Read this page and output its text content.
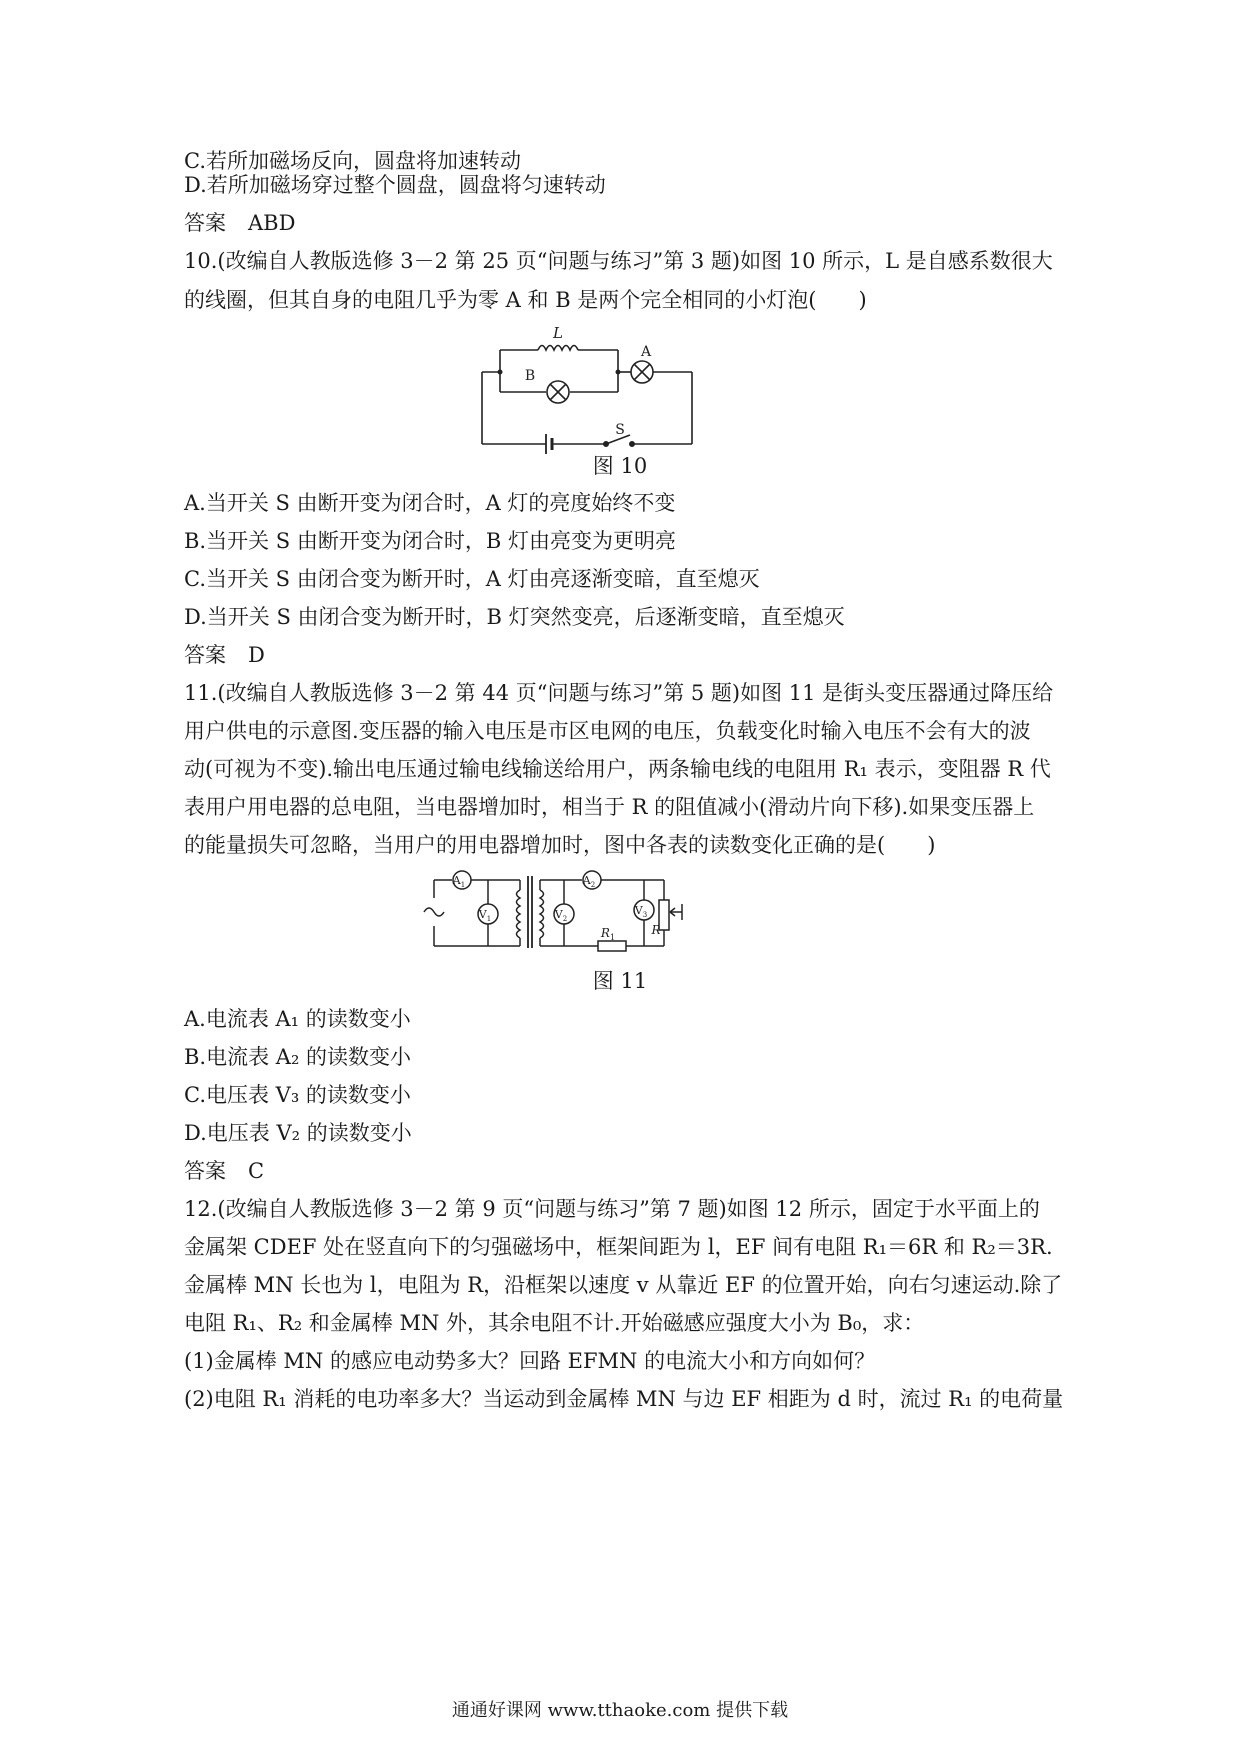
C.若所加磁场反向，圆盘将加速转动
D.若所加磁场穿过整个圆盘，圆盘将匀速转动
答案 ABD
10.(改编自人教版选修 3－2 第 25 页“问题与练习”第 3 题)如图 10 所示，L 是自感系数很大
的线圈，但其自身的电阻几乎为零 A 和 B 是两个完全相同的小灯泡(　　)
L
B
A
S
图 10
A.当开关 S 由断开变为闭合时，A 灯的亮度始终不变
B.当开关 S 由断开变为闭合时，B 灯由亮变为更明亮
C.当开关 S 由闭合变为断开时，A 灯由亮逐渐变暗，直至熄灭
D.当开关 S 由闭合变为断开时，B 灯突然变亮，后逐渐变暗，直至熄灭
答案 D
11.(改编自人教版选修 3－2 第 44 页“问题与练习”第 5 题)如图 11 是街头变压器通过降压给
用户供电的示意图.变压器的输入电压是市区电网的电压，负载变化时输入电压不会有大的波
动(可视为不变).输出电压通过输电线输送给用户，两条输电线的电阻用 R₁ 表示，变阻器 R 代
表用户用电器的总电阻，当电器增加时，相当于 R 的阻值减小(滑动片向下移).如果变压器上
的能量损失可忽略，当用户的用电器增加时，图中各表的读数变化正确的是(　　)
$A_1$	$A_2$
$V_1$	$V_2$
$V_3$
$R_1$
R
图 11
A.电流表 A₁ 的读数变小
B.电流表 A₂ 的读数变小
C.电压表 V₃ 的读数变小
D.电压表 V₂ 的读数变小
答案 C
12.(改编自人教版选修 3－2 第 9 页“问题与练习”第 7 题)如图 12 所示，固定于水平面上的
金属架 CDEF 处在竖直向下的匀强磁场中，框架间距为 l，EF 间有电阻 R₁＝6R 和 R₂＝3R.
金属棒 MN 长也为 l，电阻为 R，沿框架以速度 v 从靠近 EF 的位置开始，向右匀速运动.除了
电阻 R₁、R₂ 和金属棒 MN 外，其余电阻不计.开始磁感应强度大小为 B₀，求：
(1)金属棒 MN 的感应电动势多大？回路 EFMN 的电流大小和方向如何？
(2)电阻 R₁ 消耗的电功率多大？当运动到金属棒 MN 与边 EF 相距为 d 时，流过 R₁ 的电荷量
通通好课网 www.tthaoke.com 提供下载
